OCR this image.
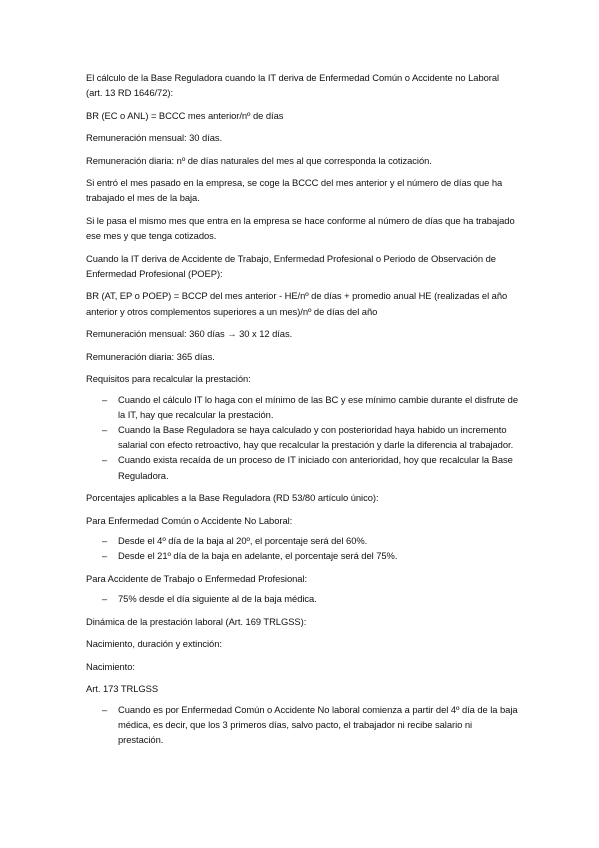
El cálculo de la Base Reguladora cuando la IT deriva de Enfermedad Común o Accidente no Laboral (art. 13 RD 1646/72):

BR (EC o ANL) = BCCC mes anterior/nº de días

Remuneración mensual: 30 días.

Remuneración diaria: nº de días naturales del mes al que corresponda la cotización.

Si entró el mes pasado en la empresa, se coge la BCCC del mes anterior y el número de días que ha trabajado el mes de la baja.

Si le pasa el mismo mes que entra en la empresa se hace conforme al número de días que ha trabajado ese mes y que tenga cotizados.

Cuando la IT deriva de Accidente de Trabajo, Enfermedad Profesional o Periodo de Observación de Enfermedad Profesional (POEP):

BR (AT, EP o POEP) = BCCP del mes anterior - HE/nº de días + promedio anual HE (realizadas el año anterior y otros complementos superiores a un mes)/nº de días del año

Remuneración mensual: 360 días → 30 x 12 días.

Remuneración diaria: 365 días.

Requisitos para recalcular la prestación:

– Cuando el cálculo IT lo haga con el mínimo de las BC y ese mínimo cambie durante el disfrute de la IT, hay que recalcular la prestación.
– Cuando la Base Reguladora se haya calculado y con posterioridad haya habido un incremento salarial con efecto retroactivo, hay que recalcular la prestación y darle la diferencia al trabajador.
– Cuando exista recaída de un proceso de IT iniciado con anterioridad, hoy que recalcular la Base Reguladora.

Porcentajes aplicables a la Base Reguladora (RD 53/80 artículo único):

Para Enfermedad Común o Accidente No Laboral:

– Desde el 4º día de la baja al 20º, el porcentaje será del 60%.
– Desde el 21º día de la baja en adelante, el porcentaje será del 75%.

Para Accidente de Trabajo o Enfermedad Profesional:

– 75% desde el día siguiente al de la baja médica.

Dinámica de la prestación laboral (Art. 169 TRLGSS):

Nacimiento, duración y extinción:

Nacimiento:

Art. 173 TRLGSS

– Cuando es por Enfermedad Común o Accidente No laboral comienza a partir del 4º día de la baja médica, es decir, que los 3 primeros días, salvo pacto, el trabajador ni recibe salario ni prestación.
